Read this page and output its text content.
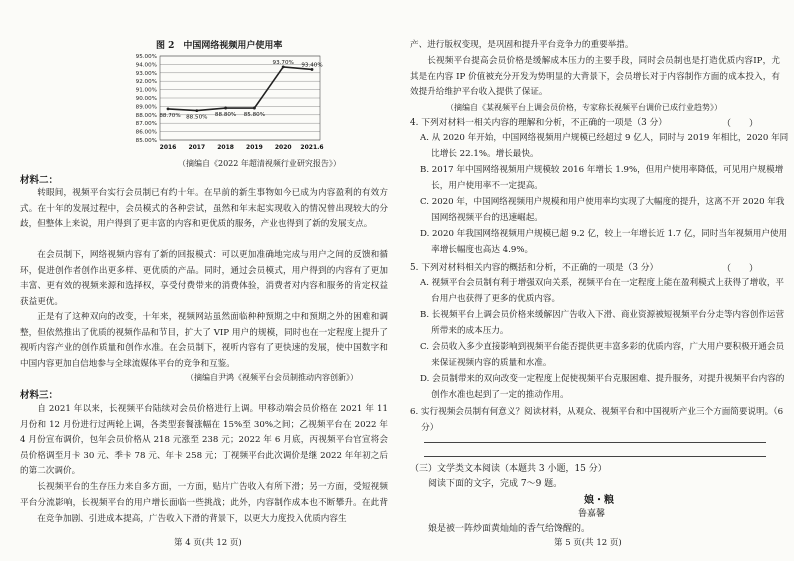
图 2　中国网络视频用户使用率
95.00%
94.00%
93.00%
92.00%
91.00%
90.00%
89.00%
88.00%
87.00%
86.00%
85.00%
2016 2017 2018 2019 2020 2021.6
88.70% 88.50% 88.80% 85.80%
93.70% 93.40%
（摘编自《2022 年超清视频行业研究报告》）
材料二：

转眼间，视频平台实行会员制已有约十年。在早前的新生事物如今已成为内容盈利的有效方式。在十年的发展过程中，会员模式的各种尝试，虽然和年末起实现收入的情况曾出现较大的分歧，但整体上来说，用户得到了更丰富的内容和更优质的服务，产业也得到了新的发展支点。

在会员制下，网络视频内容有了新的回报模式：可以更加准确地完成与用户之间的反馈和循环，促进创作者创作出更多样、更优质的产品。同时，通过会员模式，用户得到的内容有了更加丰富、更有效的视频来源和选择权，享受付费带来的消费体验，消费者对内容和服务的肯定权益获益更优。

正是有了这种双向的改变，十年来，视频网站虽然面临种种预期之中和预期之外的困难和调整，但依然推出了优质的视频作品和节目，扩大了 VIP 用户的规模，同时也在一定程度上提升了视听内容产业的创作质量和创作水准。在会员制下，视听内容有了更快速的发展，使中国数字和中国内容更加自信地参与全球流媒体平台的竞争和互鉴。

（摘编自尹鸿《视频平台会员制推动内容创新》）
材料三：

自 2021 年以来，长视频平台陆续对会员价格进行上调。甲移动端会员价格在 2021 年 11 月份和 12 月份进行过两轮上调，各类型套餐涨幅在 15%至 30%之间；乙视频平台在 2022 年 4 月份宣布调价，包年会员价格从 218 元涨至 238 元；2022 年 6 月底，丙视频平台官宣将会员价格调至月卡 30 元、季卡 78 元、年卡 258 元；丁视频平台此次调价是继 2022 年年初之后的第二次调价。

长视频平台的生存压力来自多方面，一方面，贴片广告收入有所下滑；另一方面，受短视频平台分流影响，长视频平台的用户增长面临一些挑战；此外，内容制作成本也不断攀升。在此背

在竞争加剧、引进成本提高，广告收入下滑的背景下，以更大力度投入优质内容生

第 4 页(共 12 页)

产、进行版权变现，是巩固和提升平台竞争力的重要举措。

长视频平台提高会员价格是缓解成本压力的主要手段，同时会员制也是打造优质内容IP，尤其是在内容 IP 价值被充分开发为势明显的大背景下，会员增长对于内容制作方面的成本投入，有效提升给维护平台收入提供了保证。

（摘编自《某视频平台上调会员价格，专家称长视频平台调价已成行业趋势》）
4. 下列对材料一相关内容的理解和分析，不正确的一项是（3 分）	（　　）

A. 从 2020 年开始，中国网络视频用户规模已经超过 9 亿人，同时与 2019 年相比，2020 年同比增长 22.1%。增长最快。

B. 2017 年中国网络视频用户规模较 2016 年增长 1.9%，但用户使用率降低，可见用户规模增长，用户使用率不一定提高。

C. 2020 年，中国网络视频用户规模和用户使用率均实现了大幅度的提升，这离不开 2020 年我国网络视频平台的迅速崛起。

D. 2020 年我国网络视频用户规模已超 9.2 亿，较上一年增长近 1.7 亿，同时当年视频用户使用率增长幅度也高达 4.9%。

5. 下列对材料相关内容的概括和分析，不正确的一项是（3 分）	（　　）

A. 视频平台会员制有利于增强双向关系，视频平台在一定程度上能在盈利模式上获得了增收，平台用户也获得了更多的优质内容。

B. 长视频平台上调会员价格来缓解因广告收入下滑、商业资源被短视频平台分走等内容创作运营所带来的成本压力。

C. 会员收入多少直接影响到视频平台能否提供更丰富多彩的优质内容，广大用户要积极开通会员来保证视频内容的质量和水准。

D. 会员制带来的双向改变一定程度上促使视频平台克服困难、提升服务，对提升视频平台内容的创作水准也起到了一定的推动作用。

6. 实行视频会员制有何意义？阅读材料，从观众、视频平台和中国视听产业三个方面简要说明。（6 分）

（三）文学类文本阅读（本题共 3 小题，15 分）
阅读下面的文字，完成 7～9 题。
娘・粮
鲁嘉馨
娘是被一阵炒面黄灿灿的香气给馋醒的。
第 5 页(共 12 页)
